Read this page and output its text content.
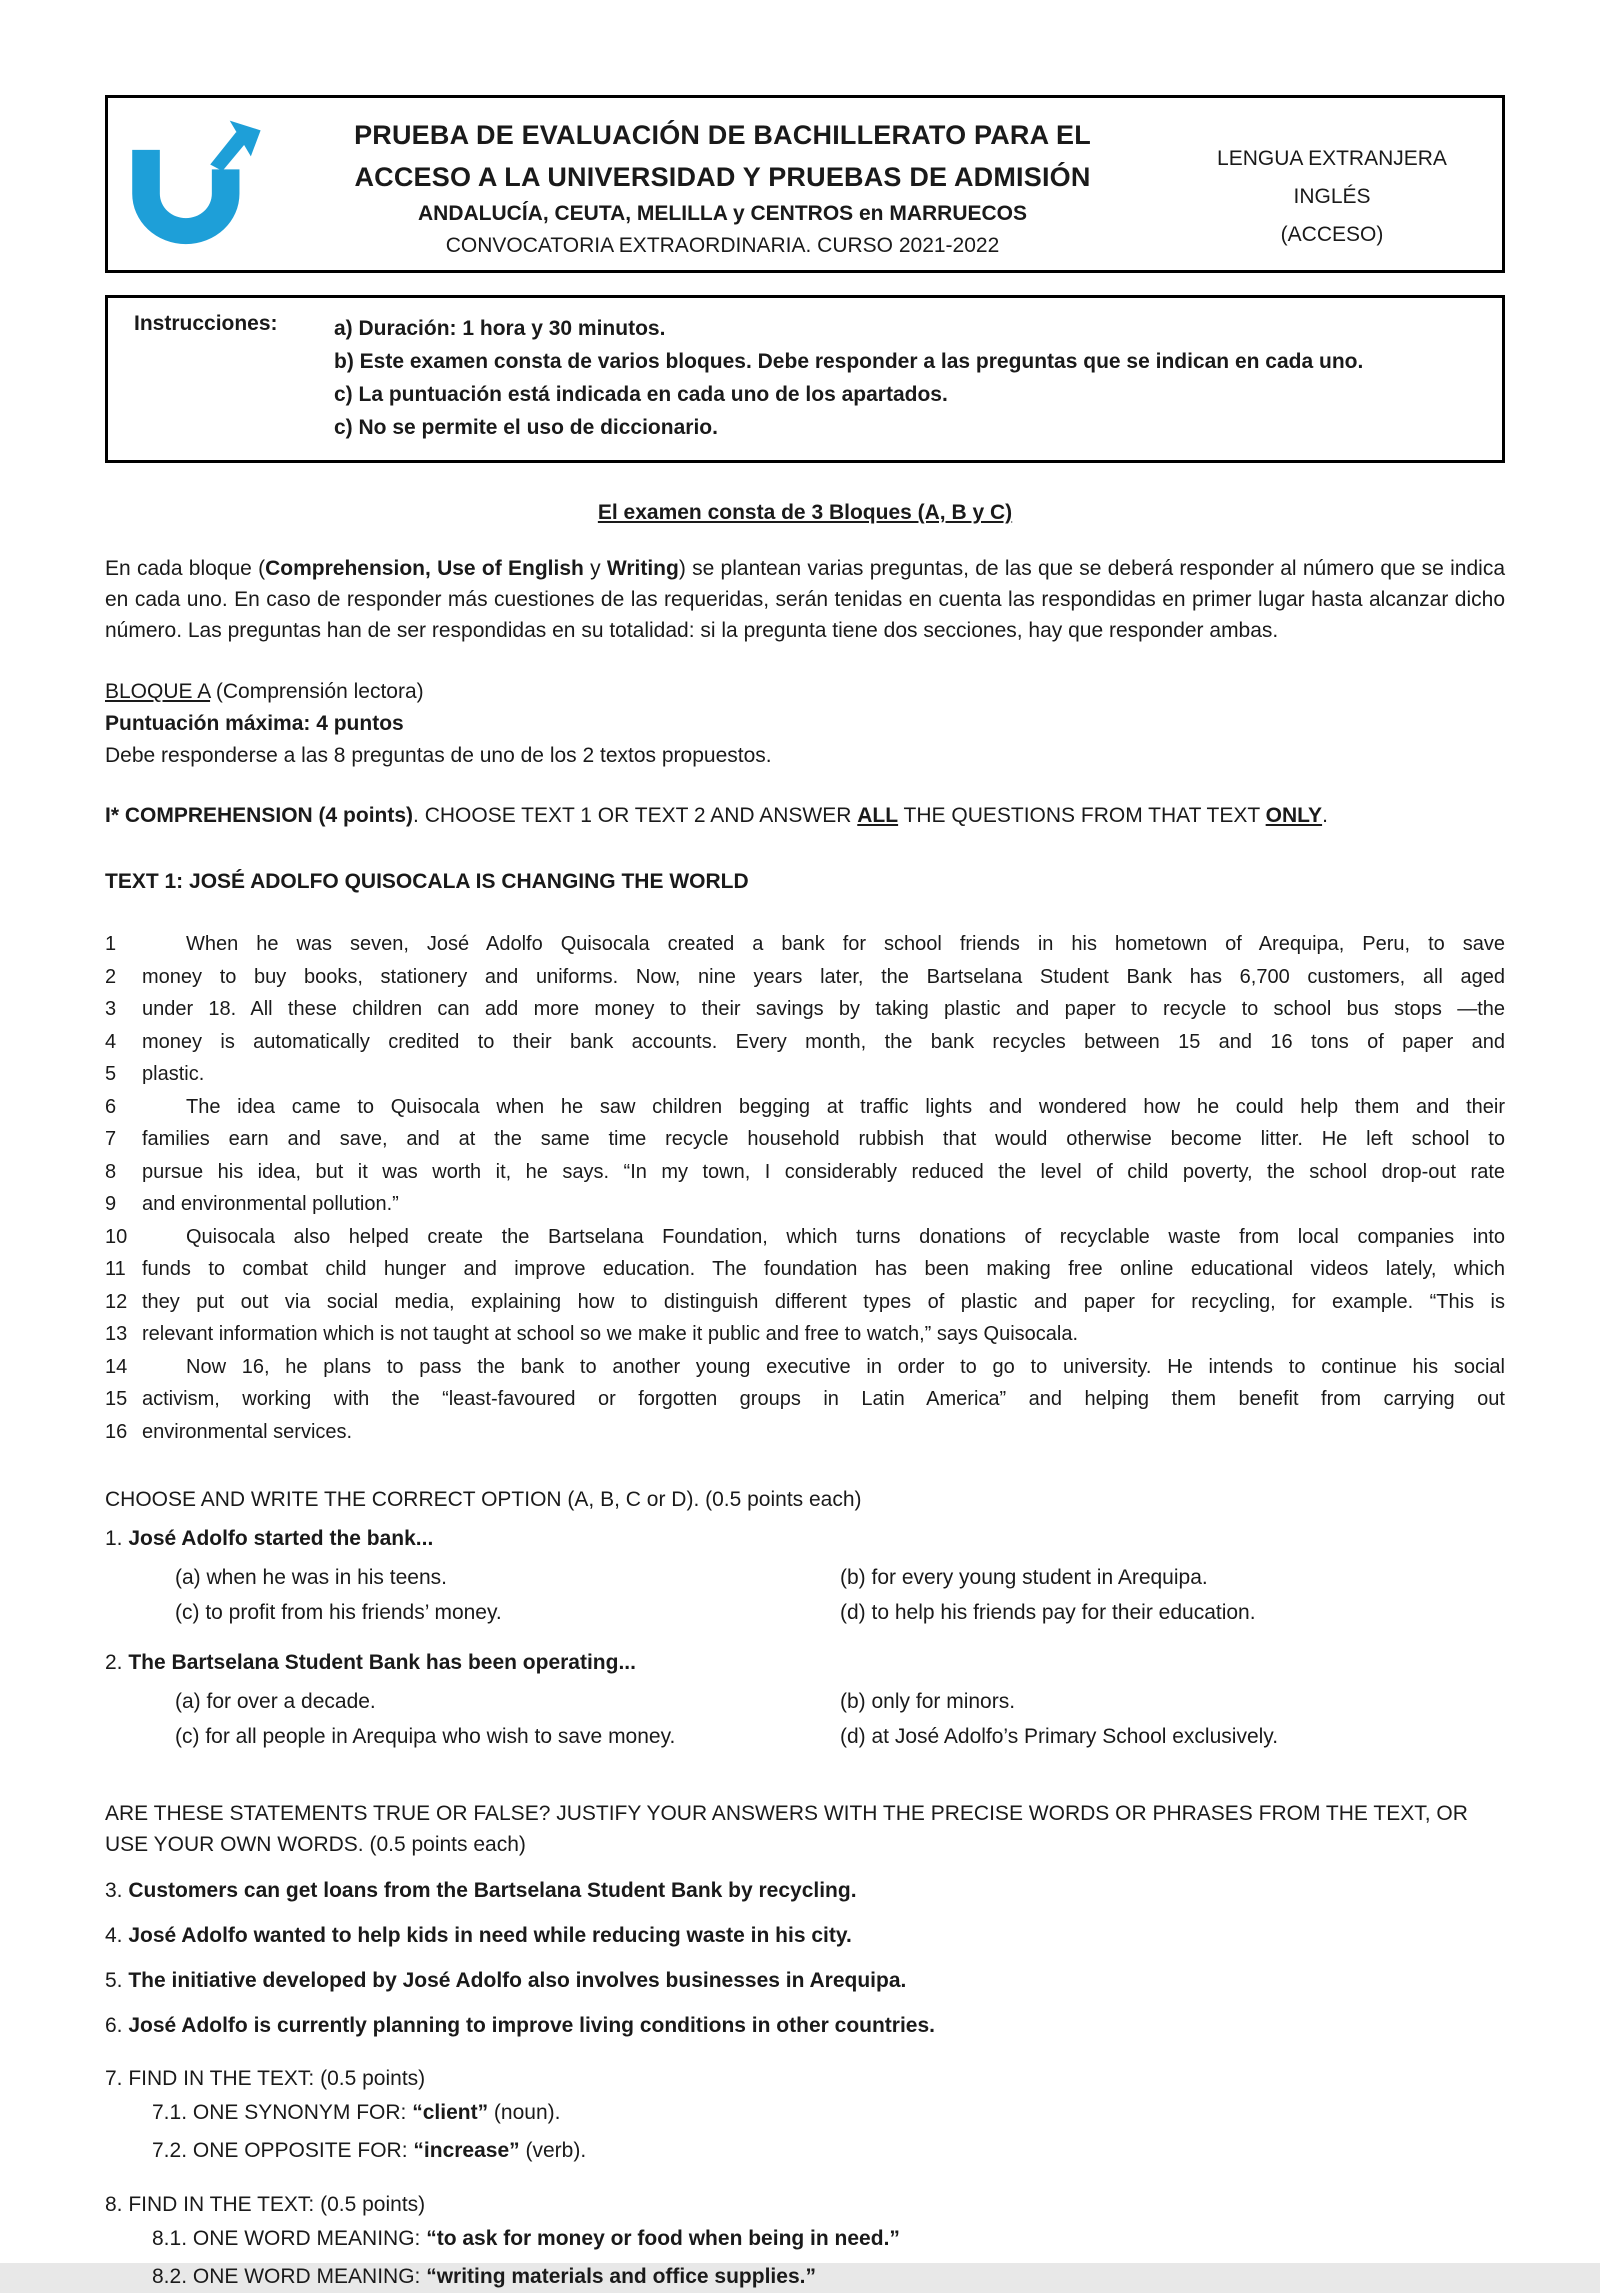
PRUEBA DE EVALUACIÓN DE BACHILLERATO PARA EL
ACCESO A LA UNIVERSIDAD Y PRUEBAS DE ADMISIÓN
ANDALUCÍA, CEUTA, MELILLA y CENTROS en MARRUECOS
CONVOCATORIA EXTRAORDINARIA. CURSO 2021-2022
LENGUA EXTRANJERA
INGLÉS
(ACCESO)
Instrucciones:	a) Duración: 1 hora y 30 minutos.
b) Este examen consta de varios bloques. Debe responder a las preguntas que se indican en cada uno.
c) La puntuación está indicada en cada uno de los apartados.
c) No se permite el uso de diccionario.
El examen consta de 3 Bloques (A, B y C)
En cada bloque (Comprehension, Use of English y Writing) se plantean varias preguntas, de las que se deberá responder al número que se indica en cada uno. En caso de responder más cuestiones de las requeridas, serán tenidas en cuenta las respondidas en primer lugar hasta alcanzar dicho número. Las preguntas han de ser respondidas en su totalidad: si la pregunta tiene dos secciones, hay que responder ambas.
BLOQUE A (Comprensión lectora)
Puntuación máxima: 4 puntos
Debe responderse a las 8 preguntas de uno de los 2 textos propuestos.
I* COMPREHENSION (4 points). CHOOSE TEXT 1 OR TEXT 2 AND ANSWER ALL THE QUESTIONS FROM THAT TEXT ONLY.
TEXT 1: JOSÉ ADOLFO QUISOCALA IS CHANGING THE WORLD
1	When he was seven, José Adolfo Quisocala created a bank for school friends in his hometown of Arequipa, Peru, to save
2	money to buy books, stationery and uniforms. Now, nine years later, the Bartselana Student Bank has 6,700 customers, all aged
3	under 18. All these children can add more money to their savings by taking plastic and paper to recycle to school bus stops —the
4	money is automatically credited to their bank accounts. Every month, the bank recycles between 15 and 16 tons of paper and
5	plastic.
6	The idea came to Quisocala when he saw children begging at traffic lights and wondered how he could help them and their
7	families earn and save, and at the same time recycle household rubbish that would otherwise become litter. He left school to
8	pursue his idea, but it was worth it, he says. “In my town, I considerably reduced the level of child poverty, the school drop-out rate
9	and environmental pollution.”
10	Quisocala also helped create the Bartselana Foundation, which turns donations of recyclable waste from local companies into
11 funds to combat child hunger and improve education. The foundation has been making free online educational videos lately, which
12 they put out via social media, explaining how to distinguish different types of plastic and paper for recycling, for example. “This is
13 relevant information which is not taught at school so we make it public and free to watch,” says Quisocala.
14	Now 16, he plans to pass the bank to another young executive in order to go to university. He intends to continue his social
15 activism, working with the “least-favoured or forgotten groups in Latin America” and helping them benefit from carrying out
16 environmental services.
CHOOSE AND WRITE THE CORRECT OPTION (A, B, C or D). (0.5 points each)
1. José Adolfo started the bank...
(a) when he was in his teens.	(b) for every young student in Arequipa.
(c) to profit from his friends’ money.	(d) to help his friends pay for their education.
2. The Bartselana Student Bank has been operating...
(a) for over a decade.	(b) only for minors.
(c) for all people in Arequipa who wish to save money.	(d) at José Adolfo’s Primary School exclusively.
ARE THESE STATEMENTS TRUE OR FALSE? JUSTIFY YOUR ANSWERS WITH THE PRECISE WORDS OR PHRASES FROM THE TEXT, OR USE YOUR OWN WORDS. (0.5 points each)
3. Customers can get loans from the Bartselana Student Bank by recycling.
4. José Adolfo wanted to help kids in need while reducing waste in his city.
5. The initiative developed by José Adolfo also involves businesses in Arequipa.
6. José Adolfo is currently planning to improve living conditions in other countries.
7. FIND IN THE TEXT: (0.5 points)
7.1. ONE SYNONYM FOR: “client” (noun).
7.2. ONE OPPOSITE FOR: “increase” (verb).
8. FIND IN THE TEXT: (0.5 points)
8.1. ONE WORD MEANING: “to ask for money or food when being in need.”
8.2. ONE WORD MEANING: “writing materials and office supplies.”
